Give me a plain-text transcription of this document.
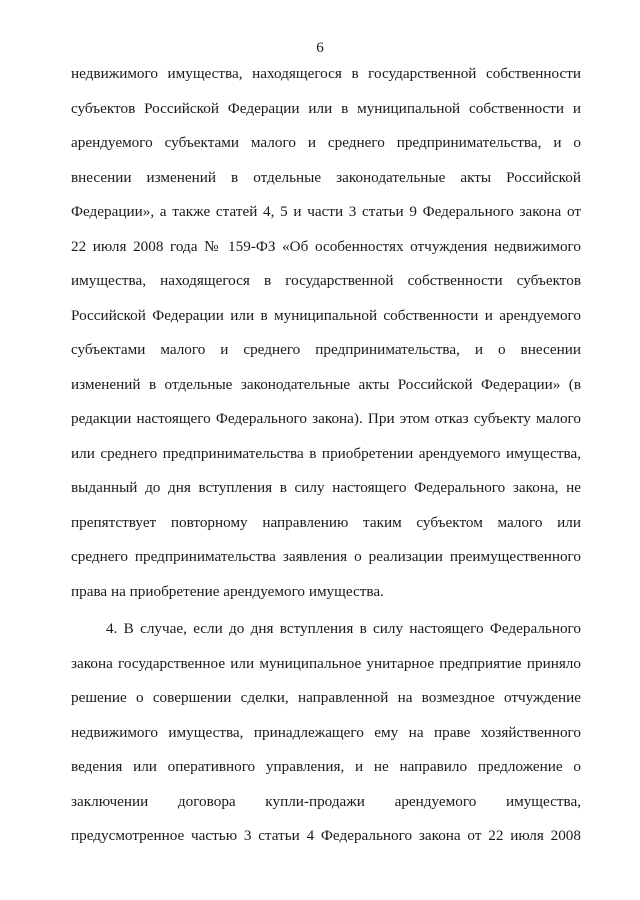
6
недвижимого имущества, находящегося в государственной собственности
субъектов Российской Федерации или в муниципальной собственности и
арендуемого субъектами малого и среднего предпринимательства, и о
внесении изменений в отдельные законодательные акты Российской
Федерации», а также статей 4, 5 и части 3 статьи 9 Федерального закона от
22 июля 2008 года № 159-ФЗ «Об особенностях отчуждения недвижимого
имущества, находящегося в государственной собственности субъектов
Российской Федерации или в муниципальной собственности и арендуемого
субъектами малого и среднего предпринимательства, и о внесении
изменений в отдельные законодательные акты Российской Федерации» (в
редакции настоящего Федерального закона). При этом отказ субъекту малого
или среднего предпринимательства в приобретении арендуемого имущества,
выданный до дня вступления в силу настоящего Федерального закона, не
препятствует повторному направлению таким субъектом малого или
среднего предпринимательства заявления о реализации преимущественного
права на приобретение арендуемого имущества.
4. В случае, если до дня вступления в силу настоящего Федерального
закона государственное или муниципальное унитарное предприятие приняло
решение о совершении сделки, направленной на возмездное отчуждение
недвижимого имущества, принадлежащего ему на праве хозяйственного
ведения или оперативного управления, и не направило предложение о
заключении договора купли-продажи арендуемого имущества,
предусмотренное частью 3 статьи 4 Федерального закона от 22 июля 2008
